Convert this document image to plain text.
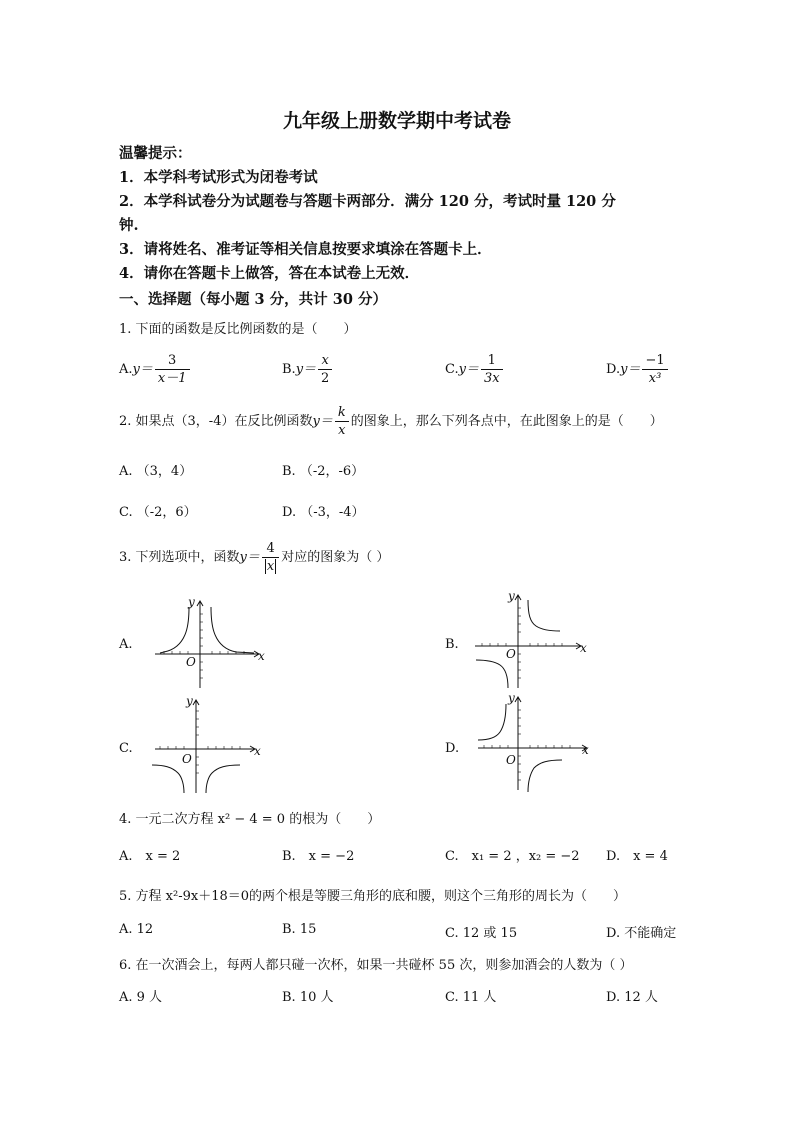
九年级上册数学期中考试卷
温馨提示：
1．本学科考试形式为闭卷考试
2．本学科试卷分为试题卷与答题卡两部分．满分 120 分，考试时量 120 分
钟.
3．请将姓名、准考证等相关信息按要求填涂在答题卡上．
4．请你在答题卡上做答，答在本试卷上无效．
一、选择题（每小题 3 分，共计 30 分）
1. 下面的函数是反比例函数的是（　　）
$A.y= \frac{3}{x-1}$	$B.y= \frac{x}{2}$	$C.y= \frac{1}{3x}$	$D.y= \frac{-1}{\text{x³}}$
2. 如果点（3，-4）在反比例函数$y= \frac{k}{x}$ 的图象上，那么下列各点中，在此图象上的是（　　）
A. （3，4）	B. （-2，-6）
C. （-2，6）	D. （-3，-4）
3. 下列选项中，函数$y= \frac{4}{x}$ 对应的图象为（ ）
A.	B.
C.	D.
x
y
O
x
y
O
x
y
O
x
y
O
4. 一元二次方程 x² − 4 = 0 的根为（　　）
A.　x = 2	B.　x = −2	C.　x₁ = 2 ，x₂ = −2 D.　x = 4
5. 方程 x²-9x＋18＝0的两个根是等腰三角形的底和腰，则这个三角形的周长为（　　）
A. 12	B. 15	C. 12 或 15	D. 不能确定
6. 在一次酒会上，每两人都只碰一次杯，如果一共碰杯 55 次，则参加酒会的人数为（ ）
A. 9 人	B. 10 人	C. 11 人	D. 12 人
